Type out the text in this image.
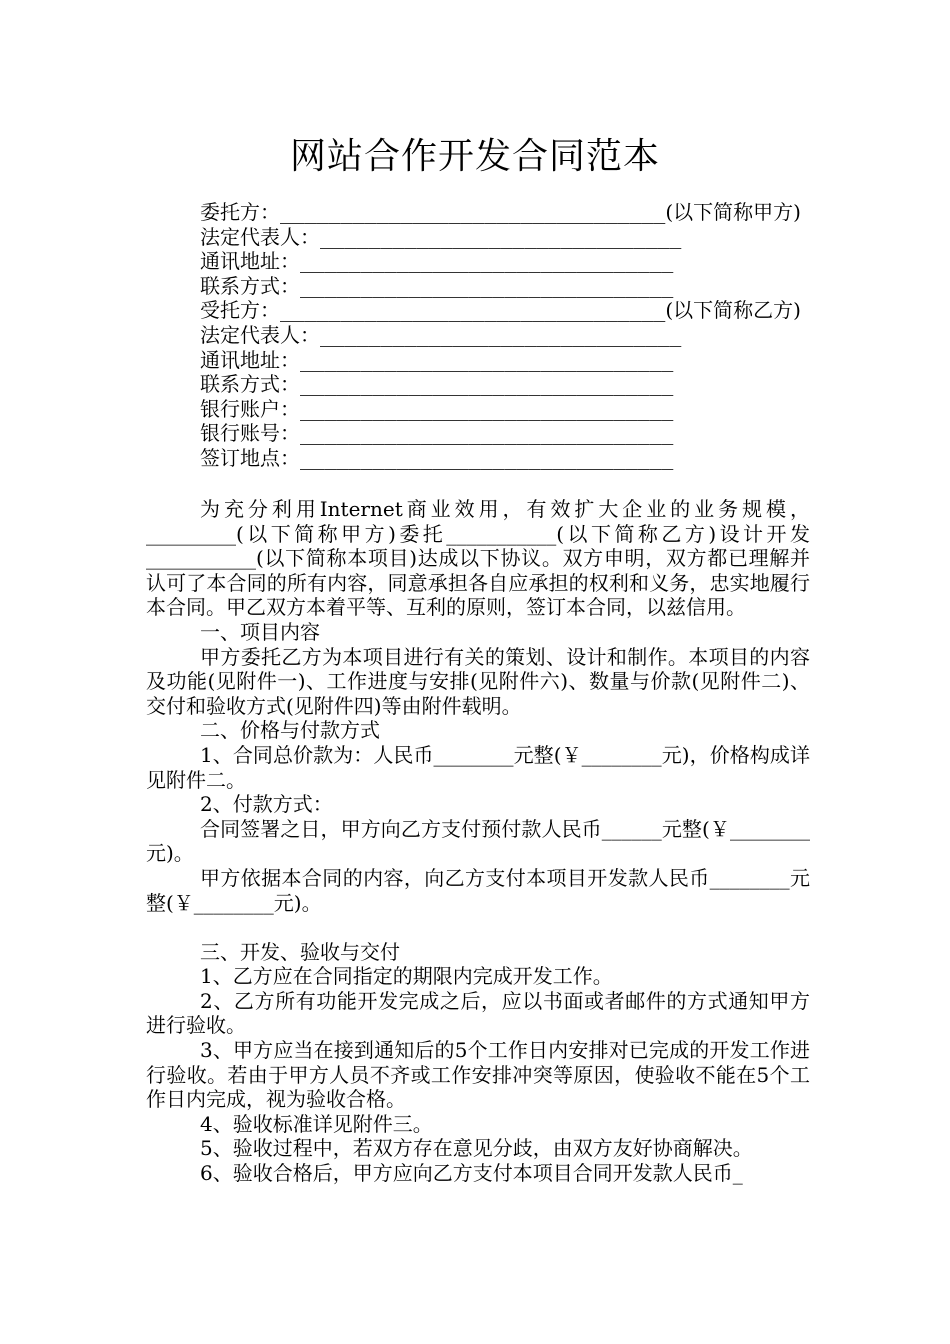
网站合作开发合同范本
委托方：________________________________(以下简称甲方)
法定代表人：______________________________
通讯地址：_______________________________
联系方式：_______________________________
受托方：________________________________(以下简称乙方)
法定代表人：______________________________
通讯地址：_______________________________
联系方式：_______________________________
银行账户：_______________________________
银行账号：_______________________________
签订地点：_______________________________

为充分利用Internet商业效用，有效扩大企业的业务规模，_________(以下简称甲方)委托___________(以下简称乙方)设计开发___________(以下简称本项目)达成以下协议。双方申明，双方都已理解并认可了本合同的所有内容，同意承担各自应承担的权利和义务，忠实地履行本合同。甲乙双方本着平等、互利的原则，签订本合同，以兹信用。

一、项目内容

甲方委托乙方为本项目进行有关的策划、设计和制作。本项目的内容及功能(见附件一)、工作进度与安排(见附件六)、数量与价款(见附件二)、交付和验收方式(见附件四)等由附件载明。

二、价格与付款方式

1、合同总价款为：人民币________元整(￥________元)，价格构成详见附件二。

2、付款方式：

合同签署之日，甲方向乙方支付预付款人民币______元整(￥________元)。

甲方依据本合同的内容，向乙方支付本项目开发款人民币________元整(￥________元)。

三、开发、验收与交付

1、乙方应在合同指定的期限内完成开发工作。

2、乙方所有功能开发完成之后，应以书面或者邮件的方式通知甲方进行验收。

3、甲方应当在接到通知后的5个工作日内安排对已完成的开发工作进行验收。若由于甲方人员不齐或工作安排冲突等原因，使验收不能在5个工作日内完成，视为验收合格。

4、验收标准详见附件三。

5、验收过程中，若双方存在意见分歧，由双方友好协商解决。

6、验收合格后，甲方应向乙方支付本项目合同开发款人民币_
